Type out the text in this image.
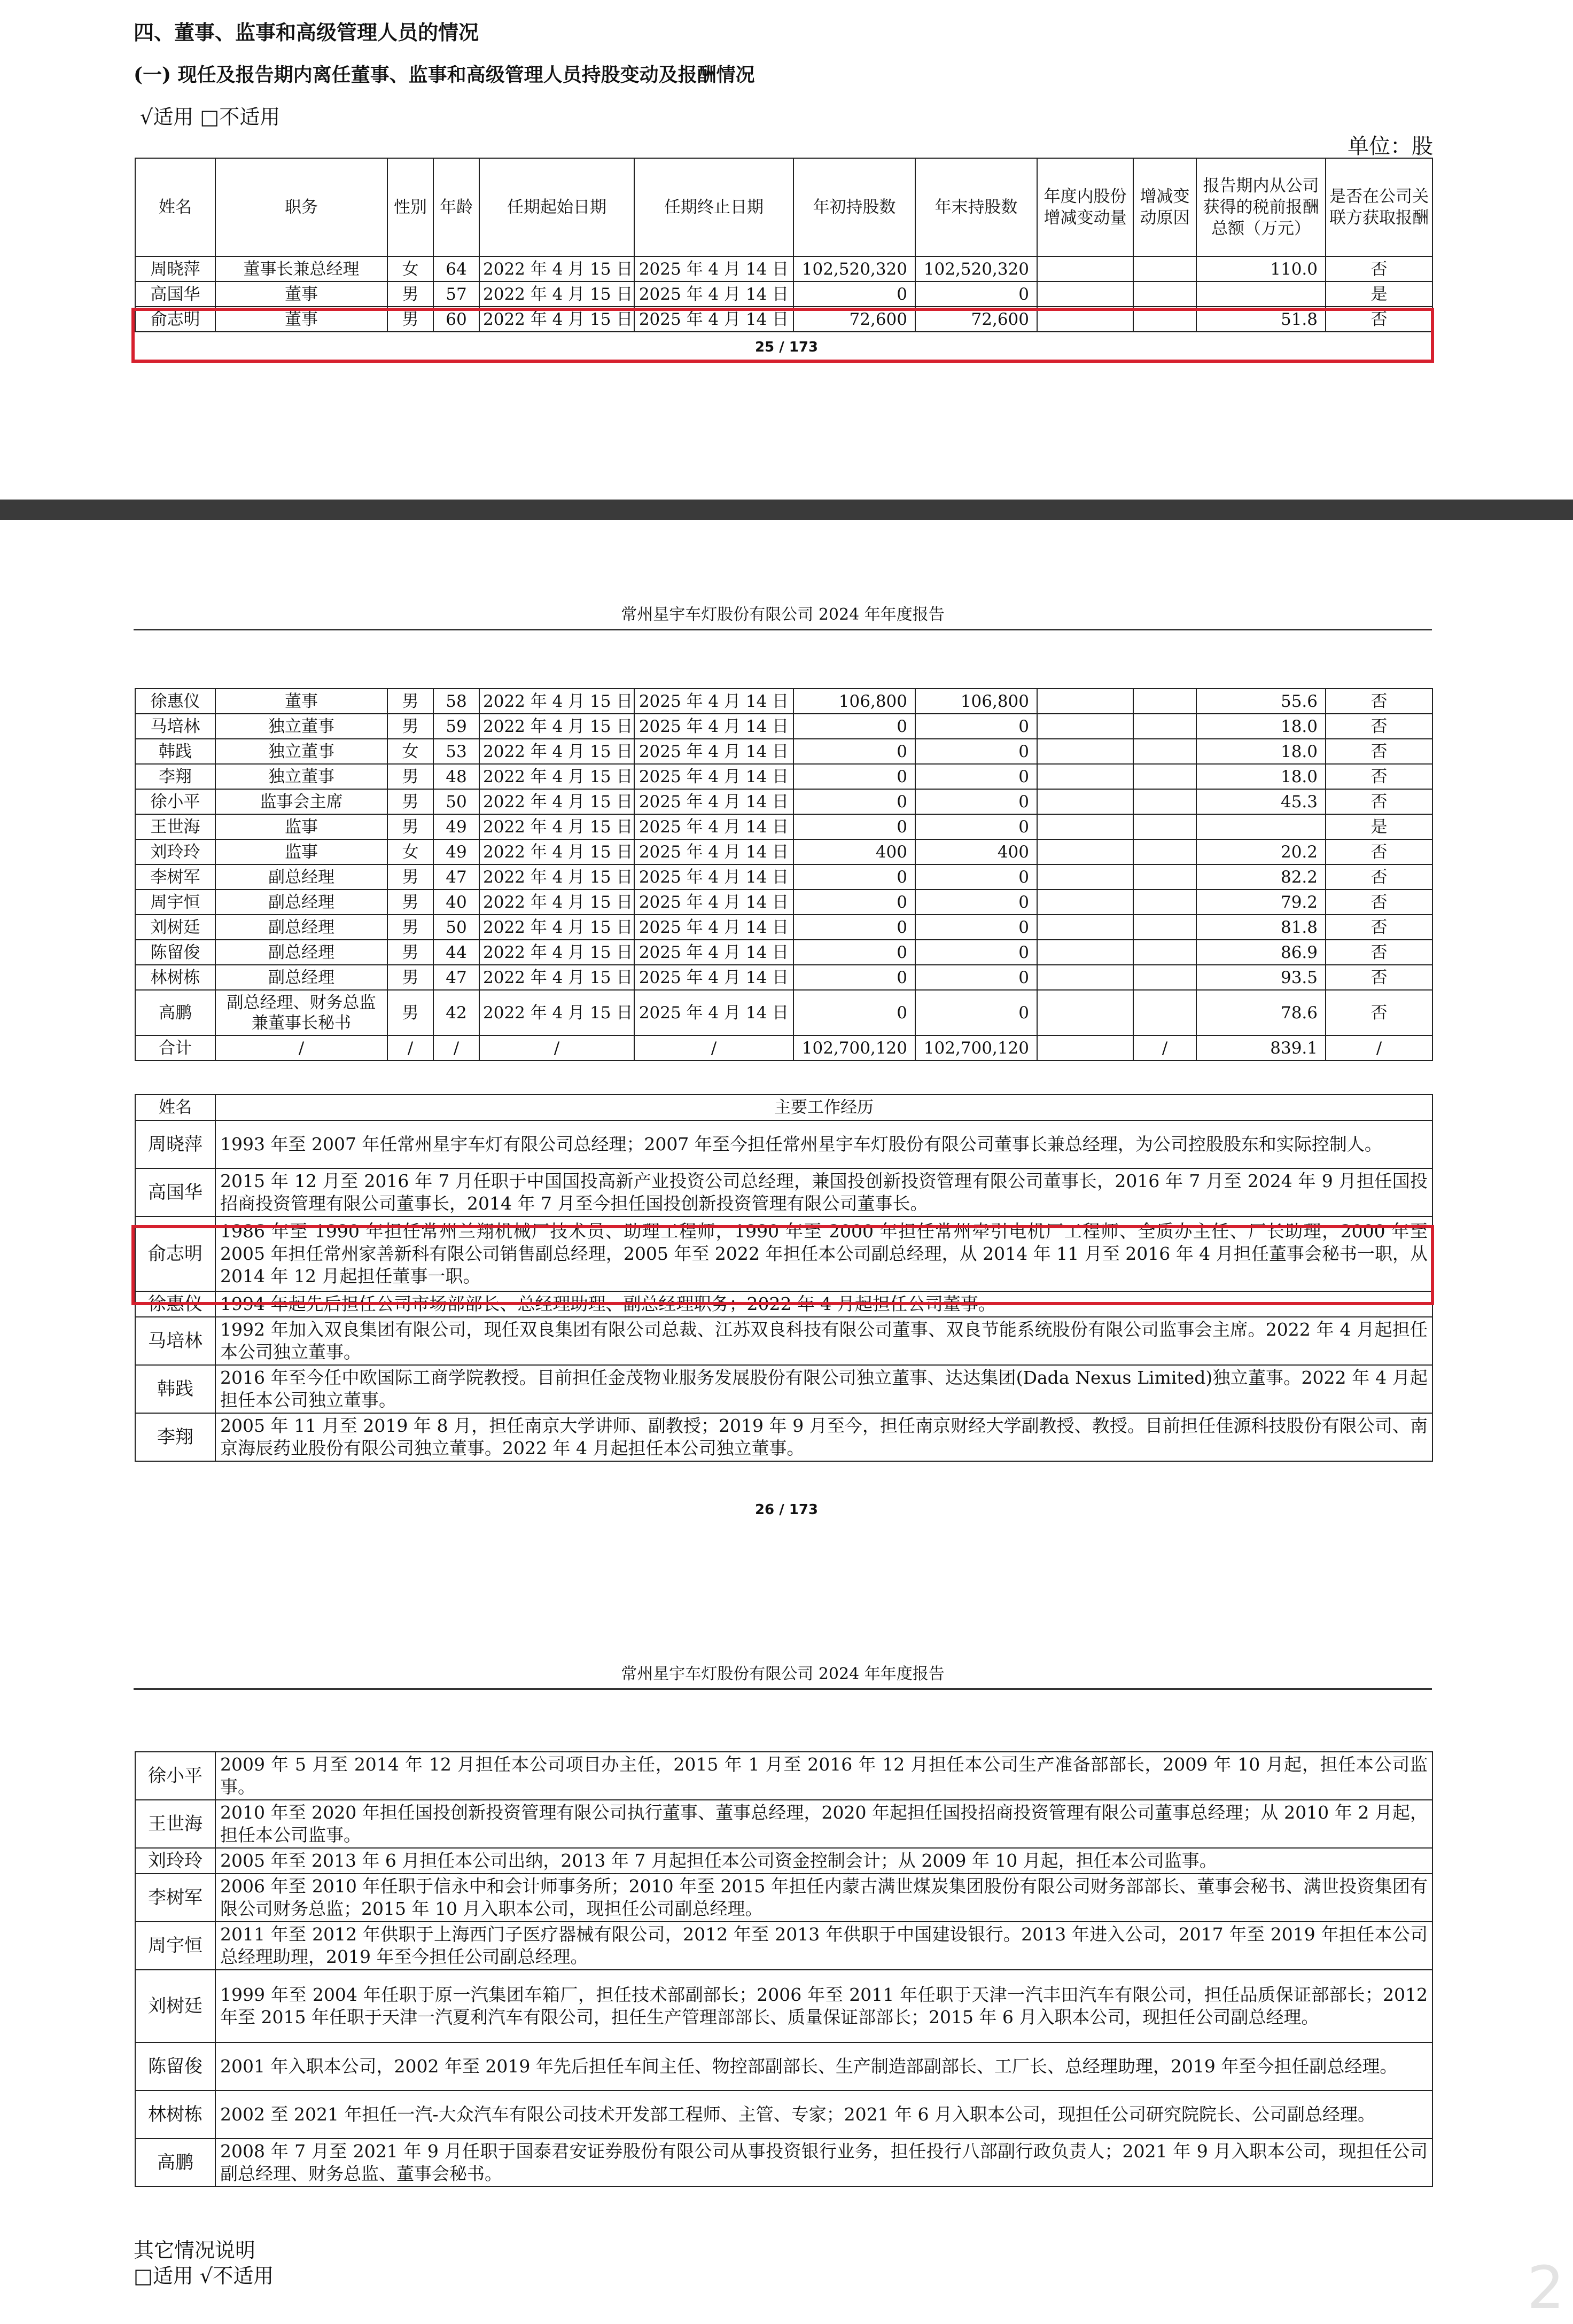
四、董事、监事和高级管理人员的情况
(一) 现任及报告期内离任董事、监事和高级管理人员持股变动及报酬情况
√适用 □不适用
单位：股
姓名	职务	性别	年龄	任期起始日期	任期终止日期	年初持股数	年末持股数	年度内股份增减变动量	增减变动原因	报告期内从公司获得的税前报酬总额（万元）	是否在公司关联方获取报酬
周晓萍	董事长兼总经理	女	64	2022 年 4 月 15 日	2025 年 4 月 14 日	102,520,320	102,520,320			110.0	否
高国华	董事	男	57	2022 年 4 月 15 日	2025 年 4 月 14 日	0	0				是
俞志明	董事	男	60	2022 年 4 月 15 日	2025 年 4 月 14 日	72,600	72,600			51.8	否
25 / 173
常州星宇车灯股份有限公司 2024 年年度报告
徐惠仪	董事	男	58	2022 年 4 月 15 日	2025 年 4 月 14 日	106,800	106,800			55.6	否
马培林	独立董事	男	59	2022 年 4 月 15 日	2025 年 4 月 14 日	0	0			18.0	否
韩践	独立董事	女	53	2022 年 4 月 15 日	2025 年 4 月 14 日	0	0			18.0	否
李翔	独立董事	男	48	2022 年 4 月 15 日	2025 年 4 月 14 日	0	0			18.0	否
徐小平	监事会主席	男	50	2022 年 4 月 15 日	2025 年 4 月 14 日	0	0			45.3	否
王世海	监事	男	49	2022 年 4 月 15 日	2025 年 4 月 14 日	0	0				是
刘玲玲	监事	女	49	2022 年 4 月 15 日	2025 年 4 月 14 日	400	400			20.2	否
李树军	副总经理	男	47	2022 年 4 月 15 日	2025 年 4 月 14 日	0	0			82.2	否
周宇恒	副总经理	男	40	2022 年 4 月 15 日	2025 年 4 月 14 日	0	0			79.2	否
刘树廷	副总经理	男	50	2022 年 4 月 15 日	2025 年 4 月 14 日	0	0			81.8	否
陈留俊	副总经理	男	44	2022 年 4 月 15 日	2025 年 4 月 14 日	0	0			86.9	否
林树栋	副总经理	男	47	2022 年 4 月 15 日	2025 年 4 月 14 日	0	0			93.5	否
高鹏	副总经理、财务总监兼董事长秘书	男	42	2022 年 4 月 15 日	2025 年 4 月 14 日	0	0			78.6	否
合计	/	/	/	/	/	102,700,120	102,700,120		/	839.1	/
姓名	主要工作经历
周晓萍	1993 年至 2007 年任常州星宇车灯有限公司总经理；2007 年至今担任常州星宇车灯股份有限公司董事长兼总经理，为公司控股股东和实际控制人。
高国华	2015 年 12 月至 2016 年 7 月任职于中国国投高新产业投资公司总经理，兼国投创新投资管理有限公司董事长，2016 年 7 月至 2024 年 9 月担任国投招商投资管理有限公司董事长，2014 年 7 月至今担任国投创新投资管理有限公司董事长。
俞志明	1986 年至 1990 年担任常州兰翔机械厂技术员、助理工程师，1990 年至 2000 年担任常州牵引电机厂工程师、全质办主任、厂长助理，2000 年至 2005 年担任常州家善新科有限公司销售副总经理，2005 年至 2022 年担任本公司副总经理，从 2014 年 11 月至 2016 年 4 月担任董事会秘书一职，从 2014 年 12 月起担任董事一职。
徐惠仪	1994 年起先后担任公司市场部部长、总经理助理、副总经理职务；2022 年 4 月起担任公司董事。
马培林	1992 年加入双良集团有限公司，现任双良集团有限公司总裁、江苏双良科技有限公司董事、双良节能系统股份有限公司监事会主席。2022 年 4 月起担任本公司独立董事。
韩践	2016 年至今任中欧国际工商学院教授。目前担任金茂物业服务发展股份有限公司独立董事、达达集团(Dada Nexus Limited)独立董事。2022 年 4 月起担任本公司独立董事。
李翔	2005 年 11 月至 2019 年 8 月，担任南京大学讲师、副教授；2019 年 9 月至今，担任南京财经大学副教授、教授。目前担任佳源科技股份有限公司、南京海辰药业股份有限公司独立董事。2022 年 4 月起担任本公司独立董事。
26 / 173
常州星宇车灯股份有限公司 2024 年年度报告
徐小平	2009 年 5 月至 2014 年 12 月担任本公司项目办主任，2015 年 1 月至 2016 年 12 月担任本公司生产准备部部长，2009 年 10 月起，担任本公司监事。
王世海	2010 年至 2020 年担任国投创新投资管理有限公司执行董事、董事总经理，2020 年起担任国投招商投资管理有限公司董事总经理；从 2010 年 2 月起，担任本公司监事。
刘玲玲	2005 年至 2013 年 6 月担任本公司出纳，2013 年 7 月起担任本公司资金控制会计；从 2009 年 10 月起，担任本公司监事。
李树军	2006 年至 2010 年任职于信永中和会计师事务所；2010 年至 2015 年担任内蒙古满世煤炭集团股份有限公司财务部部长、董事会秘书、满世投资集团有限公司财务总监；2015 年 10 月入职本公司，现担任公司副总经理。
周宇恒	2011 年至 2012 年供职于上海西门子医疗器械有限公司，2012 年至 2013 年供职于中国建设银行。2013 年进入公司，2017 年至 2019 年担任本公司总经理助理，2019 年至今担任公司副总经理。
刘树廷	1999 年至 2004 年任职于原一汽集团车箱厂，担任技术部副部长；2006 年至 2011 年任职于天津一汽丰田汽车有限公司，担任品质保证部部长；2012 年至 2015 年任职于天津一汽夏利汽车有限公司，担任生产管理部部长、质量保证部部长；2015 年 6 月入职本公司，现担任公司副总经理。
陈留俊	2001 年入职本公司，2002 年至 2019 年先后担任车间主任、物控部副部长、生产制造部副部长、工厂长、总经理助理，2019 年至今担任副总经理。
林树栋	2002 至 2021 年担任一汽-大众汽车有限公司技术开发部工程师、主管、专家；2021 年 6 月入职本公司，现担任公司研究院院长、公司副总经理。
高鹏	2008 年 7 月至 2021 年 9 月任职于国泰君安证券股份有限公司从事投资银行业务，担任投行八部副行政负责人；2021 年 9 月入职本公司，现担任公司副总经理、财务总监、董事会秘书。
其它情况说明
□适用 √不适用	2
